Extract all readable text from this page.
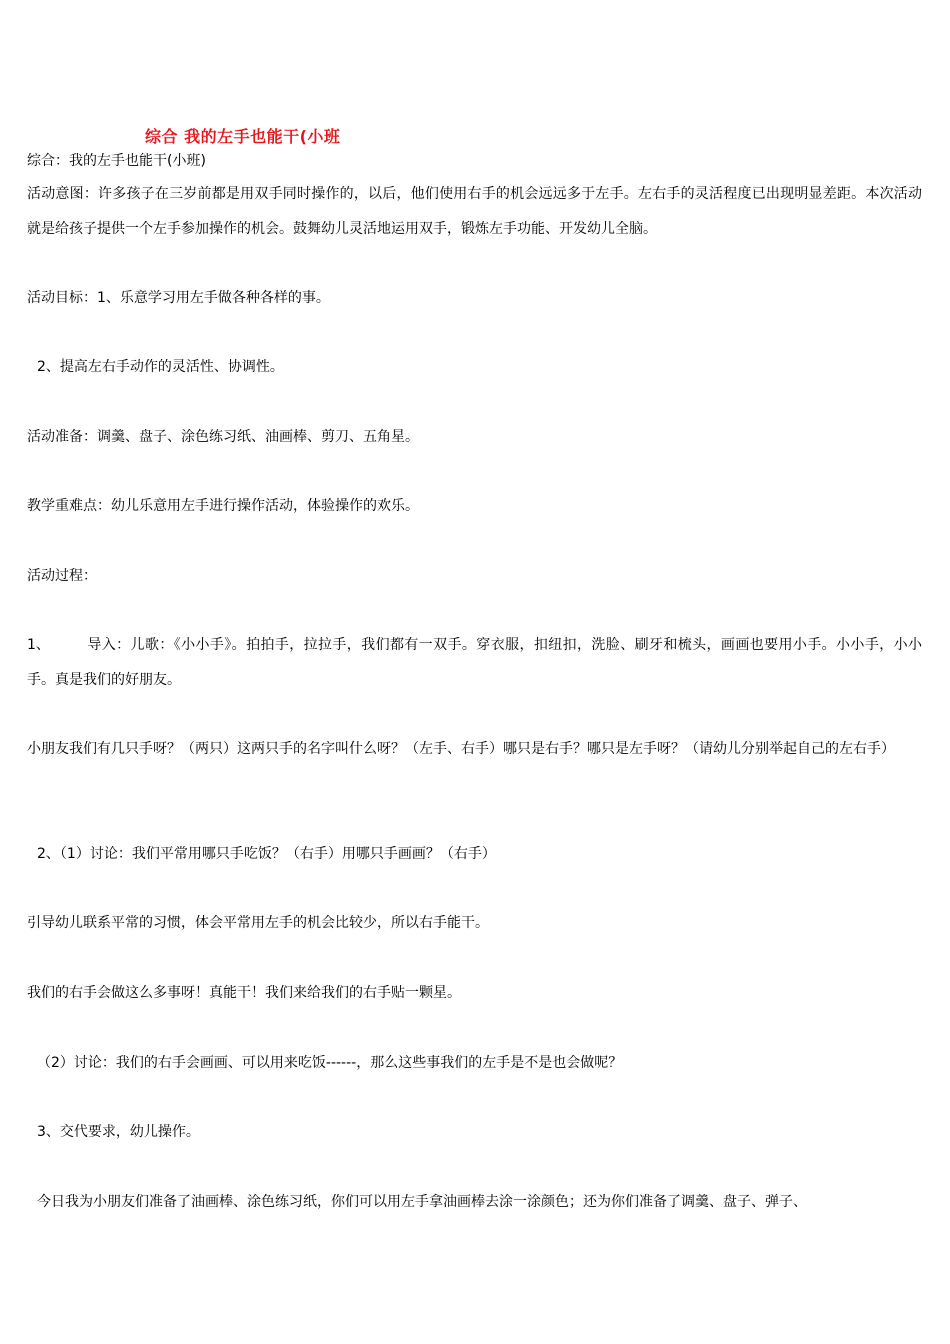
综合 我的左手也能干(小班
综合：我的左手也能干(小班)
活动意图：许多孩子在三岁前都是用双手同时操作的，以后，他们使用右手的机会远远多于左手。左右手的灵活程度已出现明显差距。本次活动就是给孩子提供一个左手参加操作的机会。鼓舞幼儿灵活地运用双手，锻炼左手功能、开发幼儿全脑。
活动目标：1、乐意学习用左手做各种各样的事。
2、提高左右手动作的灵活性、协调性。
活动准备：调羹、盘子、涂色练习纸、油画棒、剪刀、五角星。
教学重难点：幼儿乐意用左手进行操作活动，体验操作的欢乐。
活动过程：
1、	导入：儿歌：《小小手》。拍拍手，拉拉手，我们都有一双手。穿衣服，扣纽扣，洗脸、刷牙和梳头，画画也要用小手。小小手，小小手。真是我们的好朋友。
小朋友我们有几只手呀？（两只）这两只手的名字叫什么呀？（左手、右手）哪只是右手？哪只是左手呀？（请幼儿分别举起自己的左右手）
2、（1）讨论：我们平常用哪只手吃饭？（右手）用哪只手画画？（右手）
引导幼儿联系平常的习惯，体会平常用左手的机会比较少，所以右手能干。
我们的右手会做这么多事呀！真能干！我们来给我们的右手贴一颗星。
（2）讨论：我们的右手会画画、可以用来吃饭------，那么这些事我们的左手是不是也会做呢？
3、交代要求，幼儿操作。
今日我为小朋友们准备了油画棒、涂色练习纸，你们可以用左手拿油画棒去涂一涂颜色；还为你们准备了调羹、盘子、弹子、
